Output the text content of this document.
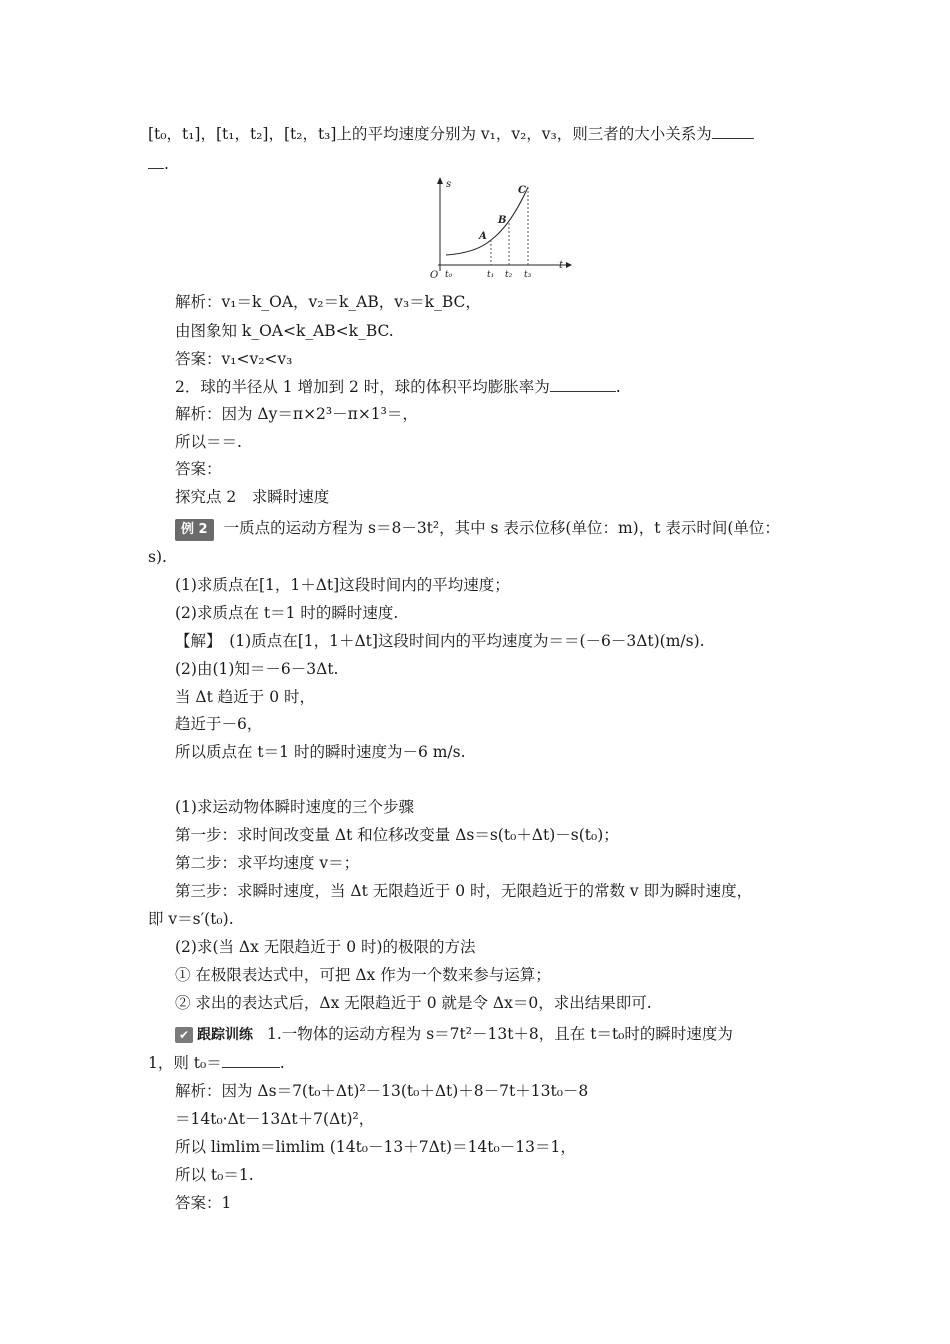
[t₀，t₁]，[t₁，t₂]，[t₂，t₃]上的平均速度分别为 v₁，v₂，v₃，则三者的大小关系为
.
s
t
O
A
B
C
t₀	t₁ t₂ t₃
解析：v₁＝k_OA，v₂＝k_AB，v₃＝k_BC，
由图象知 k_OA<k_AB<k_BC.
答案：v₁<v₂<v₃
2．球的半径从 1 增加到 2 时，球的体积平均膨胀率为	.
解析：因为 Δy＝π×2³－π×1³＝，
所以＝＝.
答案：
探究点 2　求瞬时速度
例 2 一质点的运动方程为 s＝8－3t²，其中 s 表示位移(单位：m)，t 表示时间(单位：
s).
(1)求质点在[1，1＋Δt]这段时间内的平均速度；
(2)求质点在 t＝1 时的瞬时速度.
【解】　(1)质点在[1，1＋Δt]这段时间内的平均速度为＝＝(－6－3Δt)(m/s).
(2)由(1)知＝－6－3Δt.
当 Δt 趋近于 0 时，
趋近于－6，
所以质点在 t＝1 时的瞬时速度为－6 m/s.
(1)求运动物体瞬时速度的三个步骤
第一步：求时间改变量 Δt 和位移改变量 Δs＝s(t₀＋Δt)－s(t₀)；
第二步：求平均速度 v＝；
第三步：求瞬时速度，当 Δt 无限趋近于 0 时，无限趋近于的常数 v 即为瞬时速度，
即 v＝s′(t₀).
(2)求(当 Δx 无限趋近于 0 时)的极限的方法
① 在极限表达式中，可把 Δx 作为一个数来参与运算；
② 求出的表达式后，Δx 无限趋近于 0 就是令 Δx＝0，求出结果即可.
✔ 跟踪训练 1.一物体的运动方程为 s＝7t²－13t＋8，且在 t＝t₀时的瞬时速度为
1，则 t₀＝	.
解析：因为 Δs＝7(t₀＋Δt)²－13(t₀＋Δt)＋8－7t＋13t₀－8
＝14t₀·Δt－13Δt＋7(Δt)²，
所以 limlim＝limlim (14t₀－13＋7Δt)＝14t₀－13＝1，
所以 t₀＝1.
答案：1
